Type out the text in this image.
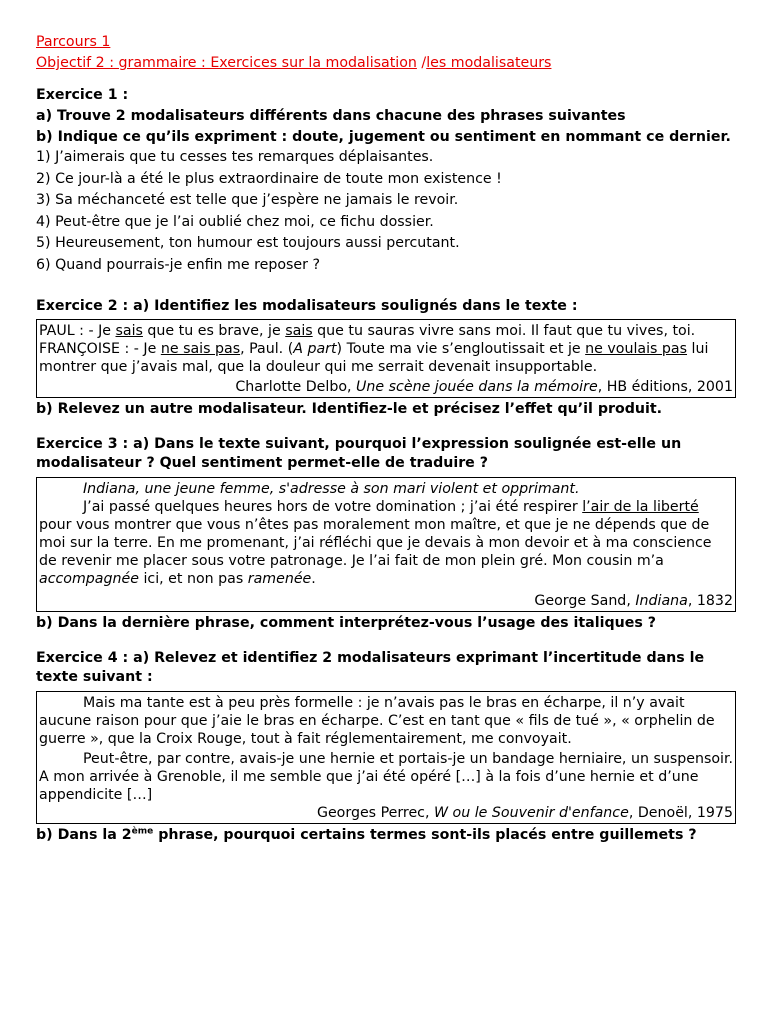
Parcours 1

Objectif 2 : grammaire : Exercices sur la modalisation /les modalisateurs

Exercice 1 :

a) Trouve 2 modalisateurs différents dans chacune des phrases suivantes

b) Indique ce qu’ils expriment : doute, jugement ou sentiment en nommant ce dernier.

1) J’aimerais que tu cesses tes remarques déplaisantes.

2) Ce jour-là a été le plus extraordinaire de toute mon existence !

3) Sa méchanceté est telle que j’espère ne jamais le revoir.

4) Peut-être que je l’ai oublié chez moi, ce fichu dossier.

5) Heureusement, ton humour est toujours aussi percutant.

6) Quand pourrais-je enfin me reposer ?

Exercice 2 : a) Identifiez les modalisateurs soulignés dans le texte :

PAUL : - Je sais que tu es brave, je sais que tu sauras vivre sans moi. Il faut que tu vives, toi.

FRANÇOISE : - Je ne sais pas, Paul. (A part) Toute ma vie s’engloutissait et je ne voulais pas lui montrer que j’avais mal, que la douleur qui me serrait devenait insupportable.

Charlotte Delbo, Une scène jouée dans la mémoire, HB éditions, 2001

b) Relevez un autre modalisateur. Identifiez-le et précisez l’effet qu’il produit.

Exercice 3 : a) Dans le texte suivant, pourquoi l’expression soulignée est-elle un modalisateur ? Quel sentiment permet-elle de traduire ?

Indiana, une jeune femme, s'adresse à son mari violent et opprimant.

J’ai passé quelques heures hors de votre domination ; j’ai été respirer l’air de la liberté pour vous montrer que vous n’êtes pas moralement mon maître, et que je ne dépends que de moi sur la terre. En me promenant, j’ai réfléchi que je devais à mon devoir et à ma conscience de revenir me placer sous votre patronage. Je l’ai fait de mon plein gré. Mon cousin m’a accompagnée ici, et non pas ramenée.

George Sand, Indiana, 1832

b) Dans la dernière phrase, comment interprétez-vous l’usage des italiques ?

Exercice 4 : a) Relevez et identifiez 2 modalisateurs exprimant l’incertitude dans le texte suivant :

Mais ma tante est à peu près formelle : je n’avais pas le bras en écharpe, il n’y avait aucune raison pour que j’aie le bras en écharpe. C’est en tant que « fils de tué », « orphelin de guerre », que la Croix Rouge, tout à fait réglementairement, me convoyait.

Peut-être, par contre, avais-je une hernie et portais-je un bandage herniaire, un suspensoir. A mon arrivée à Grenoble, il me semble que j’ai été opéré […] à la fois d’une hernie et d’une appendicite […]

Georges Perrec, W ou le Souvenir d'enfance, Denoël, 1975

b) Dans la 2ème phrase, pourquoi certains termes sont-ils placés entre guillemets ?
